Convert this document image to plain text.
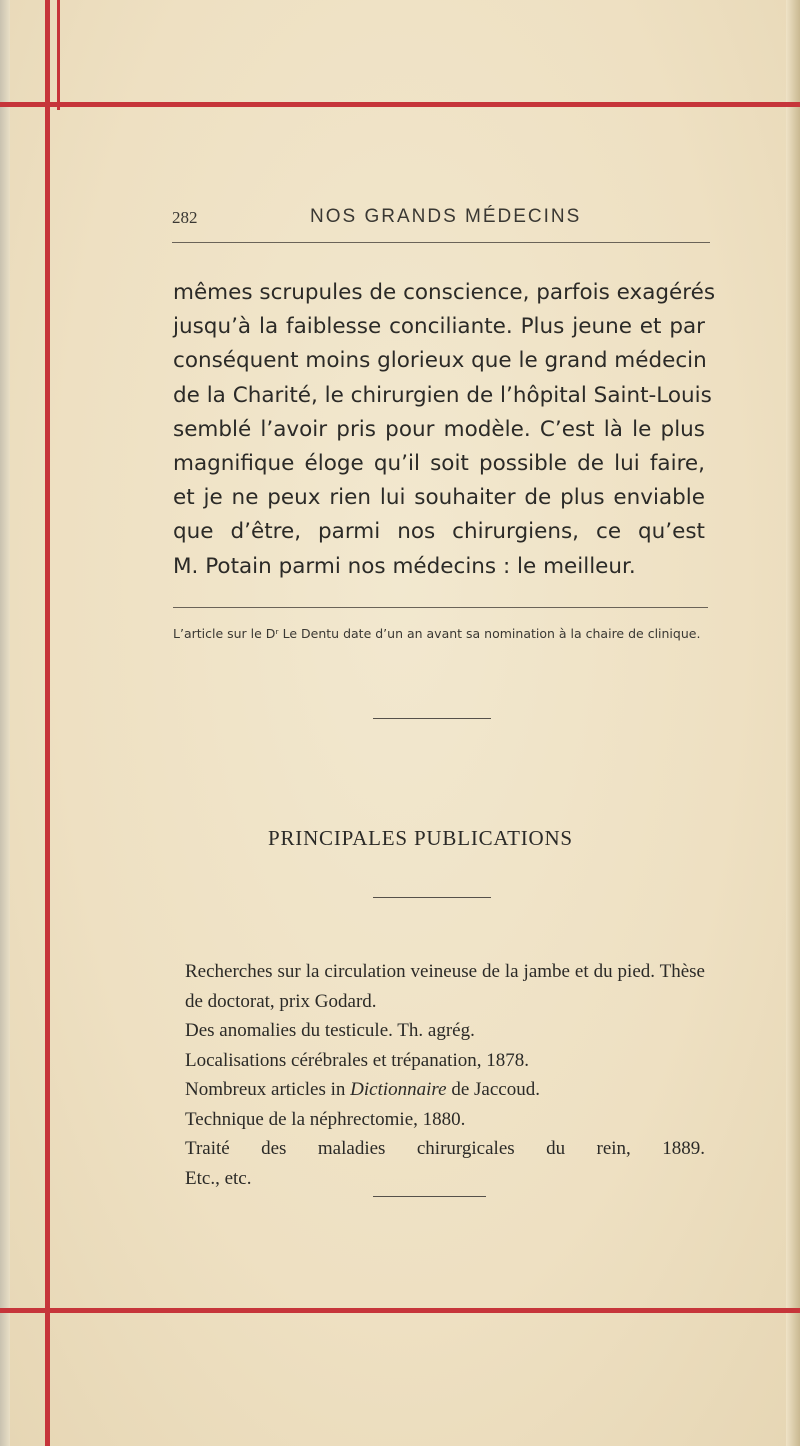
282	NOS GRANDS MÉDECINS
mêmes scrupules de conscience, parfois exagérés
jusqu’à la faiblesse conciliante. Plus jeune et par
conséquent moins glorieux que le grand médecin
de la Charité, le chirurgien de l’hôpital Saint-Louis
semblé l’avoir pris pour modèle. C’est là le plus
magnifique éloge qu’il soit possible de lui faire,
et je ne peux rien lui souhaiter de plus enviable
que d’être, parmi nos chirurgiens, ce qu’est
M. Potain parmi nos médecins : le meilleur.
L’article sur le Dʳ Le Dentu date d’un an avant sa nomination à la chaire de clinique.
PRINCIPALES PUBLICATIONS
Recherches sur la circulation veineuse de la jambe et du pied. Thèse de doctorat, prix Godard.
Des anomalies du testicule. Th. agrég.
Localisations cérébrales et trépanation, 1878.
Nombreux articles in Dictionnaire de Jaccoud.
Technique de la néphrectomie, 1880.
Traité des maladies chirurgicales du rein, 1889.
Etc., etc.
